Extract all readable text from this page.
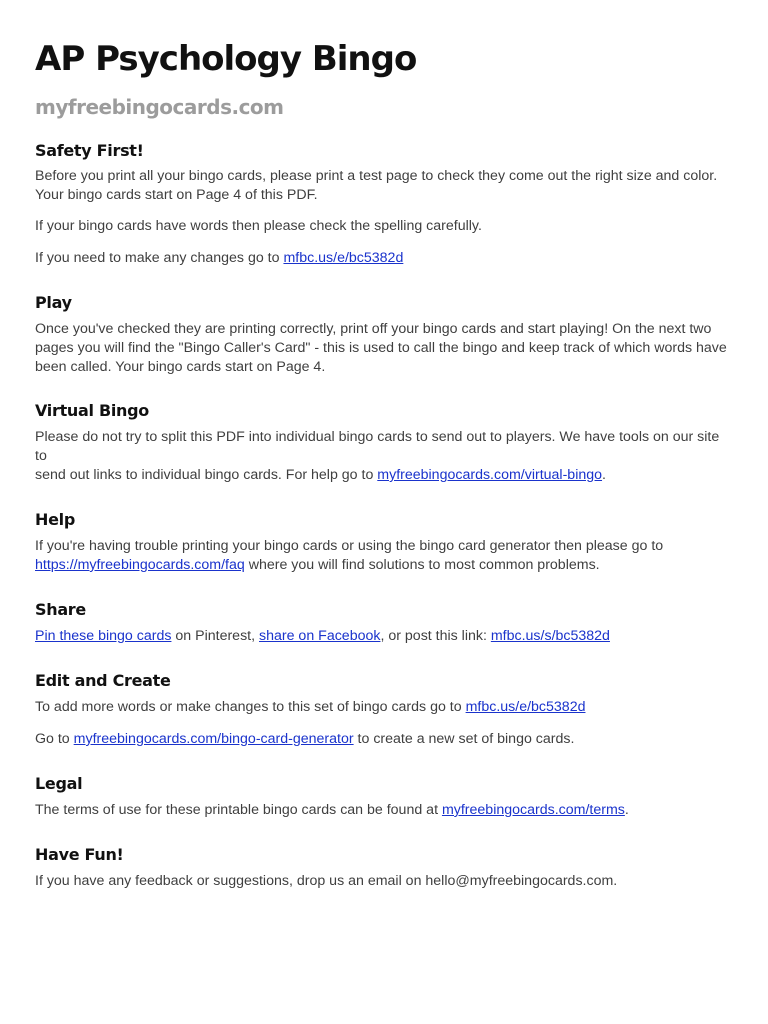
AP Psychology Bingo
myfreebingocards.com
Safety First!

Before you print all your bingo cards, please print a test page to check they come out the right size and color.
Your bingo cards start on Page 4 of this PDF.

If your bingo cards have words then please check the spelling carefully.

If you need to make any changes go to mfbc.us/e/bc5382d

Play

Once you've checked they are printing correctly, print off your bingo cards and start playing! On the next two
pages you will find the "Bingo Caller's Card" - this is used to call the bingo and keep track of which words have
been called. Your bingo cards start on Page 4.

Virtual Bingo

Please do not try to split this PDF into individual bingo cards to send out to players. We have tools on our site to
send out links to individual bingo cards. For help go to myfreebingocards.com/virtual-bingo.

Help

If you're having trouble printing your bingo cards or using the bingo card generator then please go to
https://myfreebingocards.com/faq where you will find solutions to most common problems.

Share

Pin these bingo cards on Pinterest, share on Facebook, or post this link: mfbc.us/s/bc5382d

Edit and Create

To add more words or make changes to this set of bingo cards go to mfbc.us/e/bc5382d

Go to myfreebingocards.com/bingo-card-generator to create a new set of bingo cards.

Legal

The terms of use for these printable bingo cards can be found at myfreebingocards.com/terms.

Have Fun!

If you have any feedback or suggestions, drop us an email on hello@myfreebingocards.com.
